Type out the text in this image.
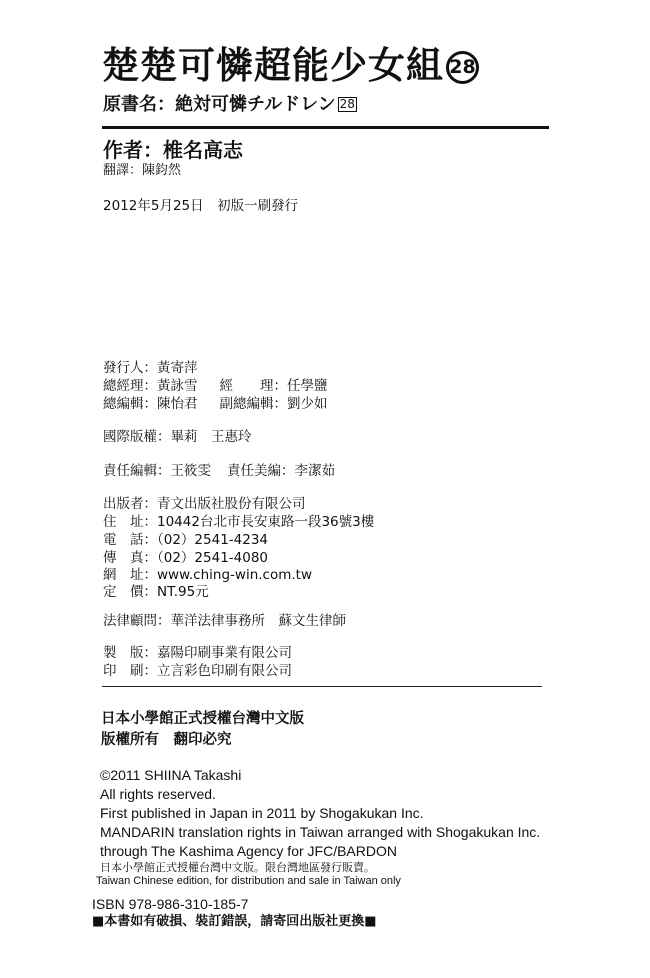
楚楚可憐超能少女組 28
原書名：絶対可憐チルドレン 28
作者：椎名高志
翻譯：陳鈞然
2012年5月25日　初版一刷發行
發行人：黃寄萍
總經理：黃詠雪 經　　理：任學鹽
總編輯：陳怡君 副總編輯：劉少如
國際版權：畢莉　王惠玲
責任編輯：王筱雯 責任美編：李潔茹
出版者：青文出版社股份有限公司
住　址：10442台北市長安東路一段36號3樓
電　話：（02）2541-4234
傳　真：（02）2541-4080
網　址：www.ching-win.com.tw
定　價：NT.95元
法律顧問：華洋法律事務所　蘇文生律師
製　版：嘉陽印刷事業有限公司
印　刷：立言彩色印刷有限公司
日本小學館正式授權台灣中文版
版權所有　翻印必究
©2011 SHIINA Takashi
All rights reserved.
First published in Japan in 2011 by Shogakukan Inc.
MANDARIN translation rights in Taiwan arranged with Shogakukan Inc.
through The Kashima Agency for JFC/BARDON
日本小學館正式授權台灣中文版。限台灣地區發行販賣。
Taiwan Chinese edition, for distribution and sale in Taiwan only
ISBN 978-986-310-185-7
■本書如有破損、裝訂錯誤，請寄回出版社更換■
